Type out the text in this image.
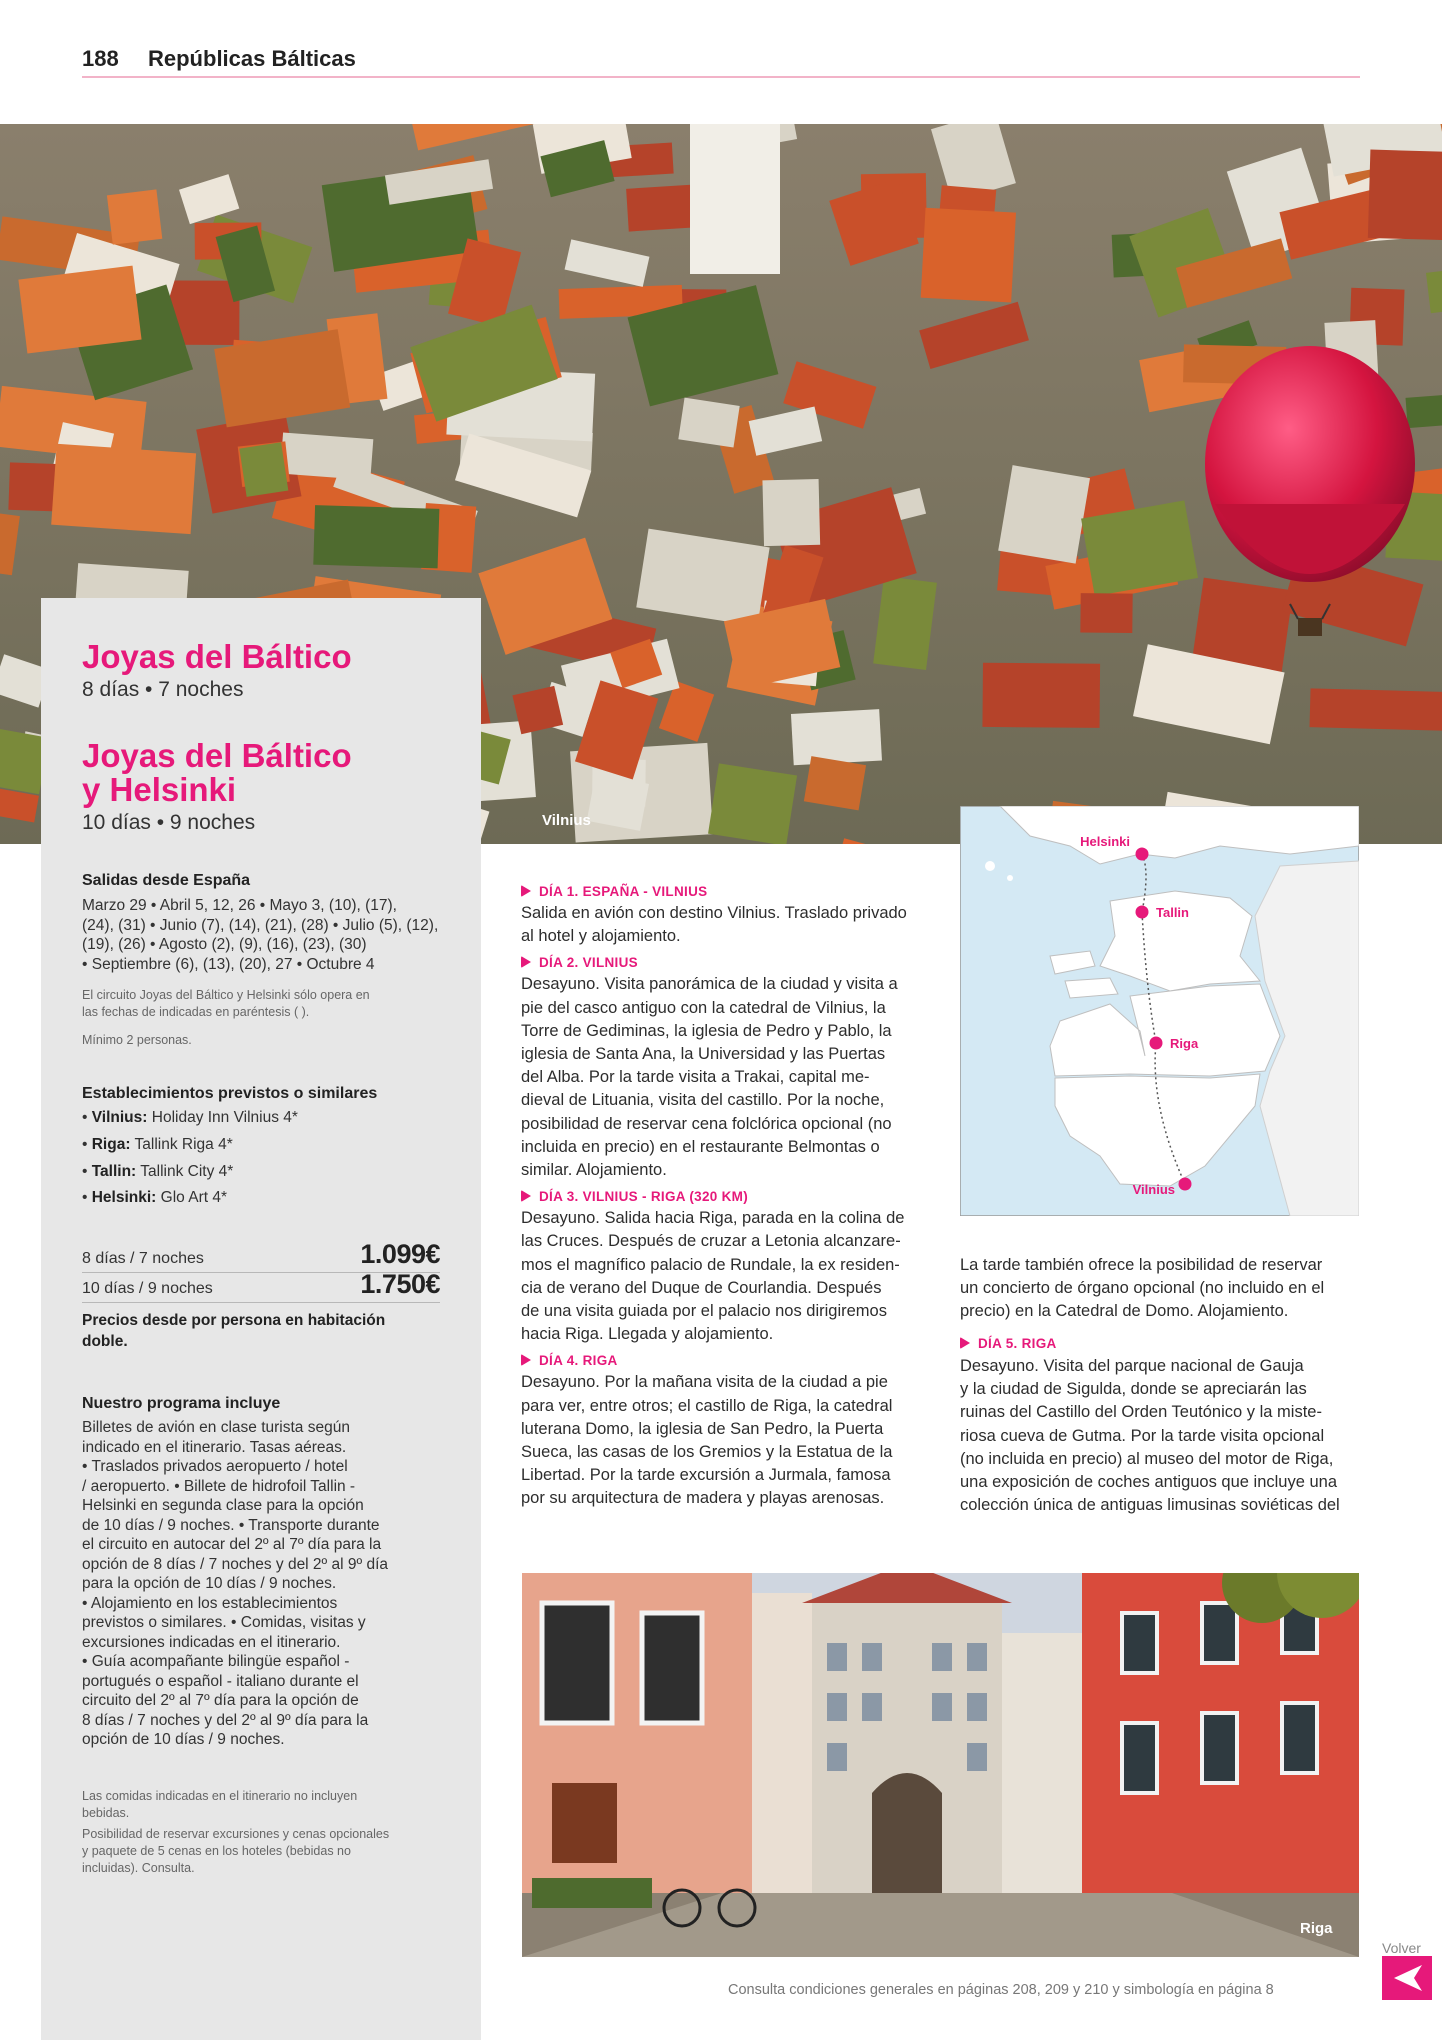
188 Repúblicas Bálticas
Vilnius
Joyas del Báltico
8 días • 7 noches
Joyas del Báltico
y Helsinki
10 días • 9 noches
Salidas desde España
Marzo 29 • Abril 5, 12, 26 • Mayo 3, (10), (17),
(24), (31) • Junio (7), (14), (21), (28) • Julio (5), (12),
(19), (26) • Agosto (2), (9), (16), (23), (30)
• Septiembre (6), (13), (20), 27 • Octubre 4
El circuito Joyas del Báltico y Helsinki sólo opera en
las fechas de indicadas en paréntesis ( ).
Mínimo 2 personas.
Establecimientos previstos o similares
• Vilnius: Holiday Inn Vilnius 4*
• Riga: Tallink Riga 4*
• Tallin: Tallink City 4*
• Helsinki: Glo Art 4*
8 días / 7 noches	1.099€
10 días / 9 noches	1.750€
Precios desde por persona en habitación
doble.
Nuestro programa incluye
Billetes de avión en clase turista según
indicado en el itinerario. Tasas aéreas.
• Traslados privados aeropuerto / hotel
/ aeropuerto. • Billete de hidrofoil Tallin -
Helsinki en segunda clase para la opción
de 10 días / 9 noches. • Transporte durante
el circuito en autocar del 2º al 7º día para la
opción de 8 días / 7 noches y del 2º al 9º día
para la opción de 10 días / 9 noches.
• Alojamiento en los establecimientos
previstos o similares. • Comidas, visitas y
excursiones indicadas en el itinerario.
• Guía acompañante bilingüe español -
portugués o español - italiano durante el
circuito del 2º al 7º día para la opción de
8 días / 7 noches y del 2º al 9º día para la
opción de 10 días / 9 noches.
Las comidas indicadas en el itinerario no incluyen
bebidas.
Posibilidad de reservar excursiones y cenas opcionales
y paquete de 5 cenas en los hoteles (bebidas no
incluidas). Consulta.
DÍA 1. ESPAÑA - VILNIUS
Salida en avión con destino Vilnius. Traslado privado
al hotel y alojamiento.
DÍA 2. VILNIUS
Desayuno. Visita panorámica de la ciudad y visita a
pie del casco antiguo con la catedral de Vilnius, la
Torre de Gediminas, la iglesia de Pedro y Pablo, la
iglesia de Santa Ana, la Universidad y las Puertas
del Alba. Por la tarde visita a Trakai, capital me-
dieval de Lituania, visita del castillo. Por la noche,
posibilidad de reservar cena folclórica opcional (no
incluida en precio) en el restaurante Belmontas o
similar. Alojamiento.
DÍA 3. VILNIUS - RIGA (320 KM)
Desayuno. Salida hacia Riga, parada en la colina de
las Cruces. Después de cruzar a Letonia alcanzare-
mos el magnífico palacio de Rundale, la ex residen-
cia de verano del Duque de Courlandia. Después
de una visita guiada por el palacio nos dirigiremos
hacia Riga. Llegada y alojamiento.
DÍA 4. RIGA
Desayuno. Por la mañana visita de la ciudad a pie
para ver, entre otros; el castillo de Riga, la catedral
luterana Domo, la iglesia de San Pedro, la Puerta
Sueca, las casas de los Gremios y la Estatua de la
Libertad. Por la tarde excursión a Jurmala, famosa
por su arquitectura de madera y playas arenosas.
Helsinki
Tallin
Riga
Vilnius
La tarde también ofrece la posibilidad de reservar
un concierto de órgano opcional (no incluido en el
precio) en la Catedral de Domo. Alojamiento.
DÍA 5. RIGA
Desayuno. Visita del parque nacional de Gauja
y la ciudad de Sigulda, donde se apreciarán las
ruinas del Castillo del Orden Teutónico y la miste-
riosa cueva de Gutma. Por la tarde visita opcional
(no incluida en precio) al museo del motor de Riga,
una exposición de coches antiguos que incluye una
colección única de antiguas limusinas soviéticas del
Riga
Consulta condiciones generales en páginas 208, 209 y 210 y simbología en página 8
Volver
